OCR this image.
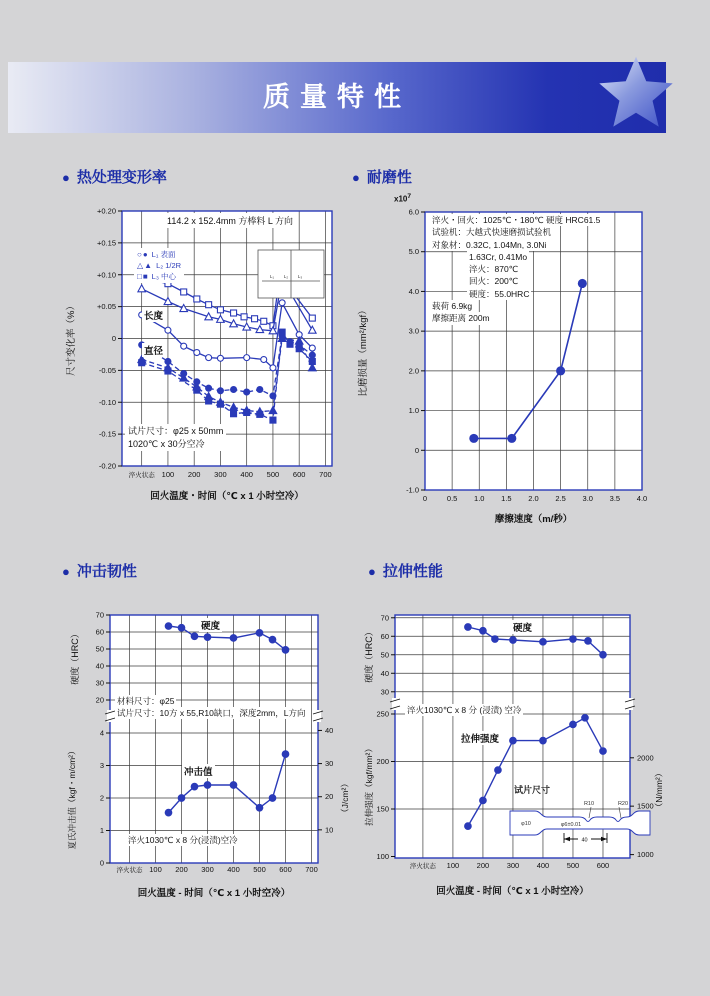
质量特性
● 热处理变形率	● 耐磨性
● 冲击韧性	● 拉伸性能
+0.20
+0.15
+0.10
+0.05
0
-0.05
-0.10
-0.15
-0.20
淬火状态 100 200 300 400 500 600 700
L₁ L₂ L₃
回火温度・时间（℃ x 1 小时空冷）
尺寸变化率（%）
114.2 x 152.4mm 方棒料 L 方向
○● L₁ 表面
△▲ L₂ 1/2R
□■ L₃ 中心
长度
直径
试片尺寸：φ25 x 50mm
1020℃ x 30分空冷
6.0
5.0
4.0
3.0
2.0
1.0
0
-1.0
0	0.5 1.0 1.5 2.0 2.5 3.0 3.5 4.0
摩擦速度（m/秒）
比磨损量（mm²/kgf）
$x10^7$
淬火・回火：1025℃・180℃ 硬度 HRC61.5
试验机：大越式快速磨损试验机
对象材：0.32C, 1.04Mn, 3.0Ni
1.63Cr, 0.41Mo
淬火：870℃
回火：200℃
硬度：55.0HRC
载荷 6.9kg
摩擦距离 200m
70
60
50
40
30
20
4
3
2
1
0
40
30
20
10
淬火状态 100 200 300 400 500 600 700
回火温度 - 时间（℃ x 1 小时空冷）
硬度（HRC）
夏氏冲击值（kgf・m/cm²）	（J/cm²）
硬度
材料尺寸：φ25
试片尺寸：10方 x 55,R10缺口，深度2mm，L方向
冲击值
淬火1030℃ x 8 分(浸渍)空冷
70
60
50
40
30
250
200
150
100
2000
1500
1000
淬火状态 100 200 300 400 500 600
回火温度 - 时间（℃ x 1 小时空冷）
硬度（HRC）
拉伸强度（kgf/mm²）	（N/mm²）
试片尺寸
R10	R20
φ10	φ6±0.01
40
硬度
淬火1030℃ x 8 分 (浸渍) 空冷
拉伸强度
